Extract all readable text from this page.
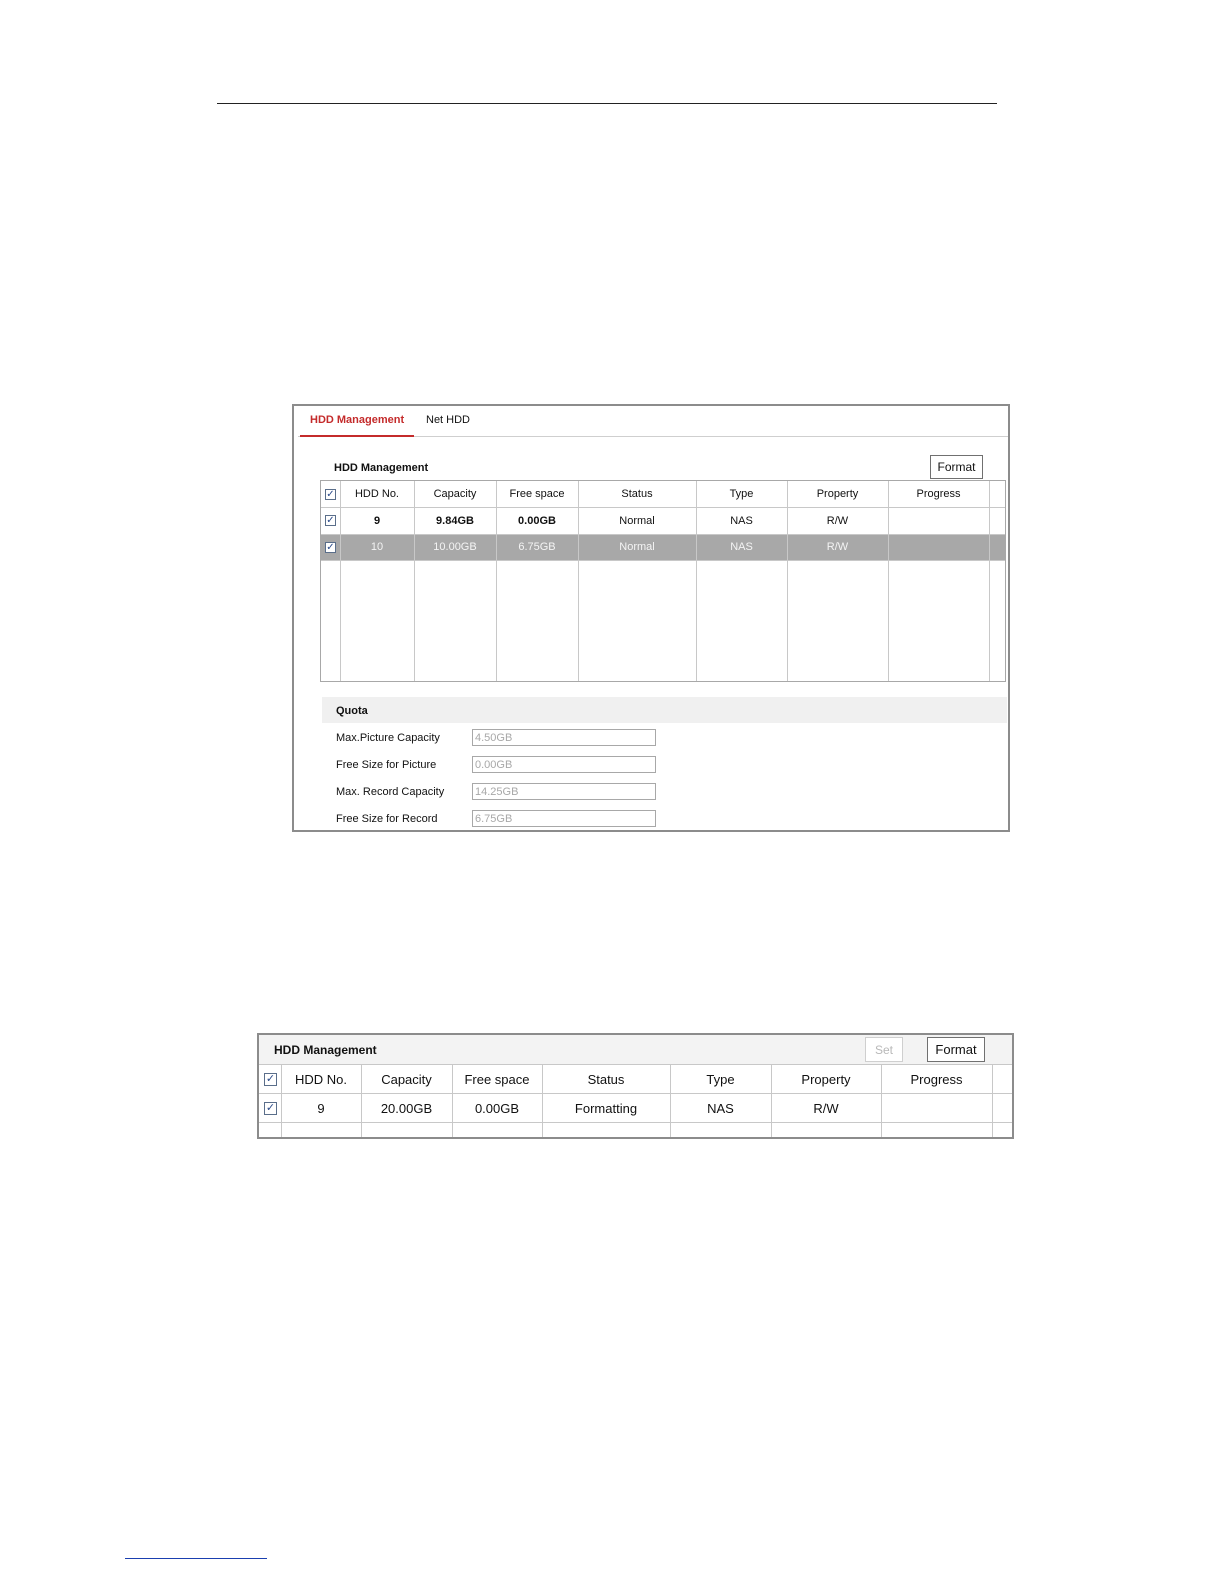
HDD Management Net HDD
HDD Management	Format
✓	HDD No.	Capacity	Free space	Status	Type	Property	Progress
✓	9	9.84GB	0.00GB	Normal	NAS	R/W
✓	10	10.00GB	6.75GB	Normal	NAS	R/W
Quota
Max.Picture Capacity
4.50GB
Free Size for Picture
0.00GB
Max. Record Capacity
14.25GB
Free Size for Record
6.75GB
HDD Management	Set	Format
✓	HDD No.	Capacity	Free space	Status	Type	Property	Progress
✓	9	20.00GB	0.00GB	Formatting	NAS	R/W
